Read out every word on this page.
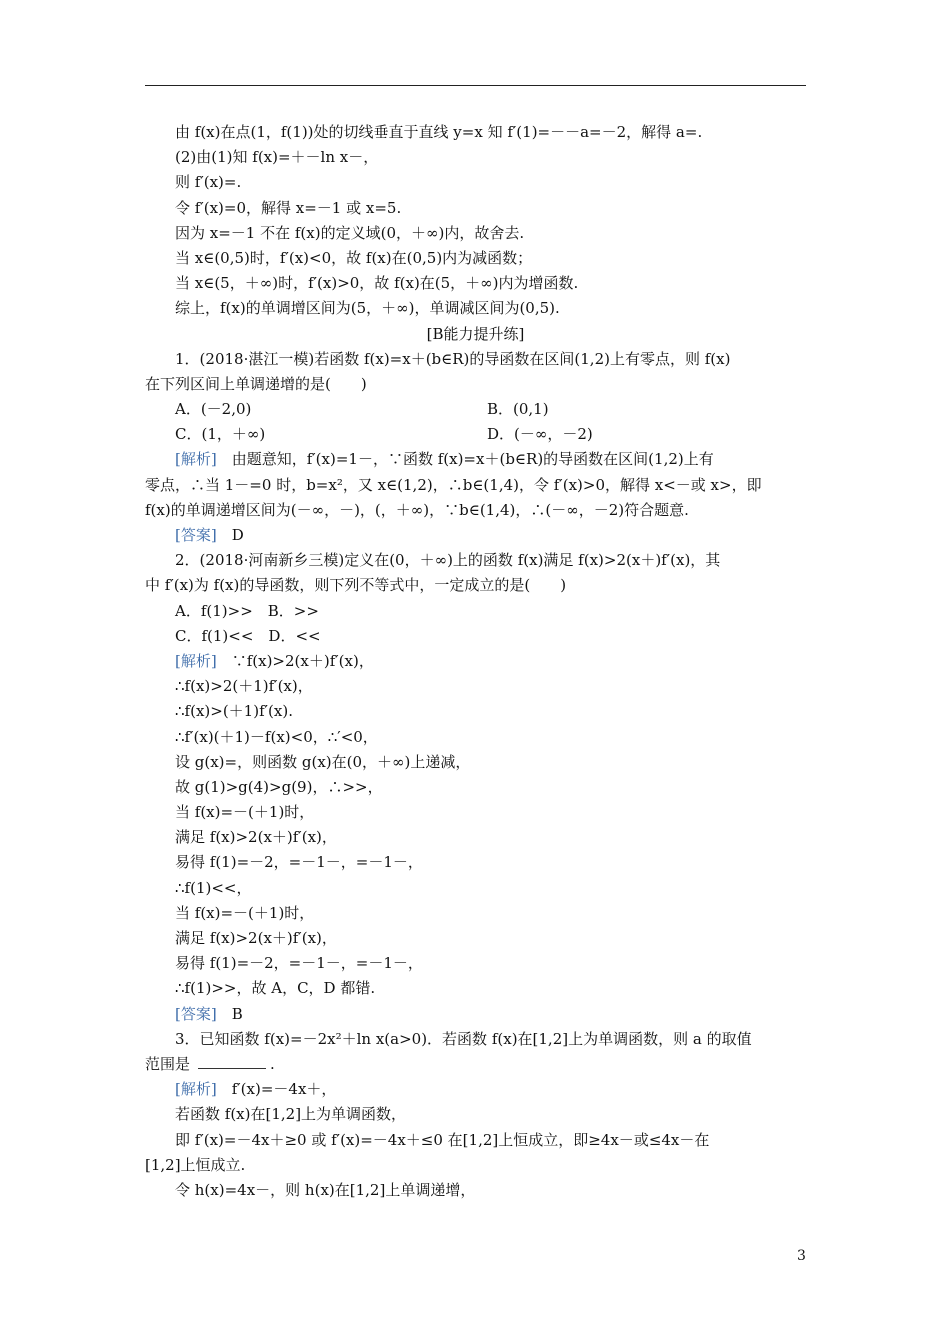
由 f(x)在点(1，f(1))处的切线垂直于直线 y=x 知 f′(1)=－－a=－2，解得 a=.
(2)由(1)知 f(x)=＋－ln x－，
则 f′(x)=.
令 f′(x)=0，解得 x=－1 或 x=5.
因为 x=－1 不在 f(x)的定义域(0，＋∞)内，故舍去.
当 x∈(0,5)时，f′(x)<0，故 f(x)在(0,5)内为减函数；
当 x∈(5，＋∞)时，f′(x)>0，故 f(x)在(5，＋∞)内为增函数.
综上，f(x)的单调增区间为(5，＋∞)，单调减区间为(0,5).
[B能力提升练]
1．(2018·湛江一模)若函数 f(x)=x＋(b∈R)的导函数在区间(1,2)上有零点，则 f(x)
在下列区间上单调递增的是(　　)
A．(－2,0)	B．(0,1)
C．(1，＋∞)	D．(－∞，－2)
[解析]　由题意知，f′(x)=1－，∵函数 f(x)=x＋(b∈R)的导函数在区间(1,2)上有
零点，∴当 1－=0 时，b=x²，又 x∈(1,2)，∴b∈(1,4)，令 f′(x)>0，解得 x<－或 x>，即
f(x)的单调递增区间为(－∞，－)，(，＋∞)，∵b∈(1,4)，∴(－∞，－2)符合题意.
[答案]　D
2．(2018·河南新乡三模)定义在(0，＋∞)上的函数 f(x)满足 f(x)>2(x＋)f′(x)，其
中 f′(x)为 f(x)的导函数，则下列不等式中，一定成立的是(　　)
A．f(1)>>　B．>>
C．f(1)<<　D．<<
[解析]　∵f(x)>2(x＋)f′(x)，
∴f(x)>2(＋1)f′(x)，
∴f(x)>(＋1)f′(x).
∴f′(x)(＋1)－f(x)<0，∴′<0，
设 g(x)=，则函数 g(x)在(0，＋∞)上递减，
故 g(1)>g(4)>g(9)，∴>>，
当 f(x)=－(＋1)时，
满足 f(x)>2(x＋)f′(x)，
易得 f(1)=－2，=－1－，=－1－，
∴f(1)<<，
当 f(x)=－(＋1)时，
满足 f(x)>2(x＋)f′(x)，
易得 f(1)=－2，=－1－，=－1－，
∴f(1)>>，故 A，C，D 都错.
[答案]　B
3．已知函数 f(x)=－2x²＋ln x(a>0)．若函数 f(x)在[1,2]上为单调函数，则 a 的取值
范围是	.
[解析]　f′(x)=－4x＋，
若函数 f(x)在[1,2]上为单调函数，
即 f′(x)=－4x＋≥0 或 f′(x)=－4x＋≤0 在[1,2]上恒成立，即≥4x－或≤4x－在
[1,2]上恒成立.
令 h(x)=4x－，则 h(x)在[1,2]上单调递增，
3
